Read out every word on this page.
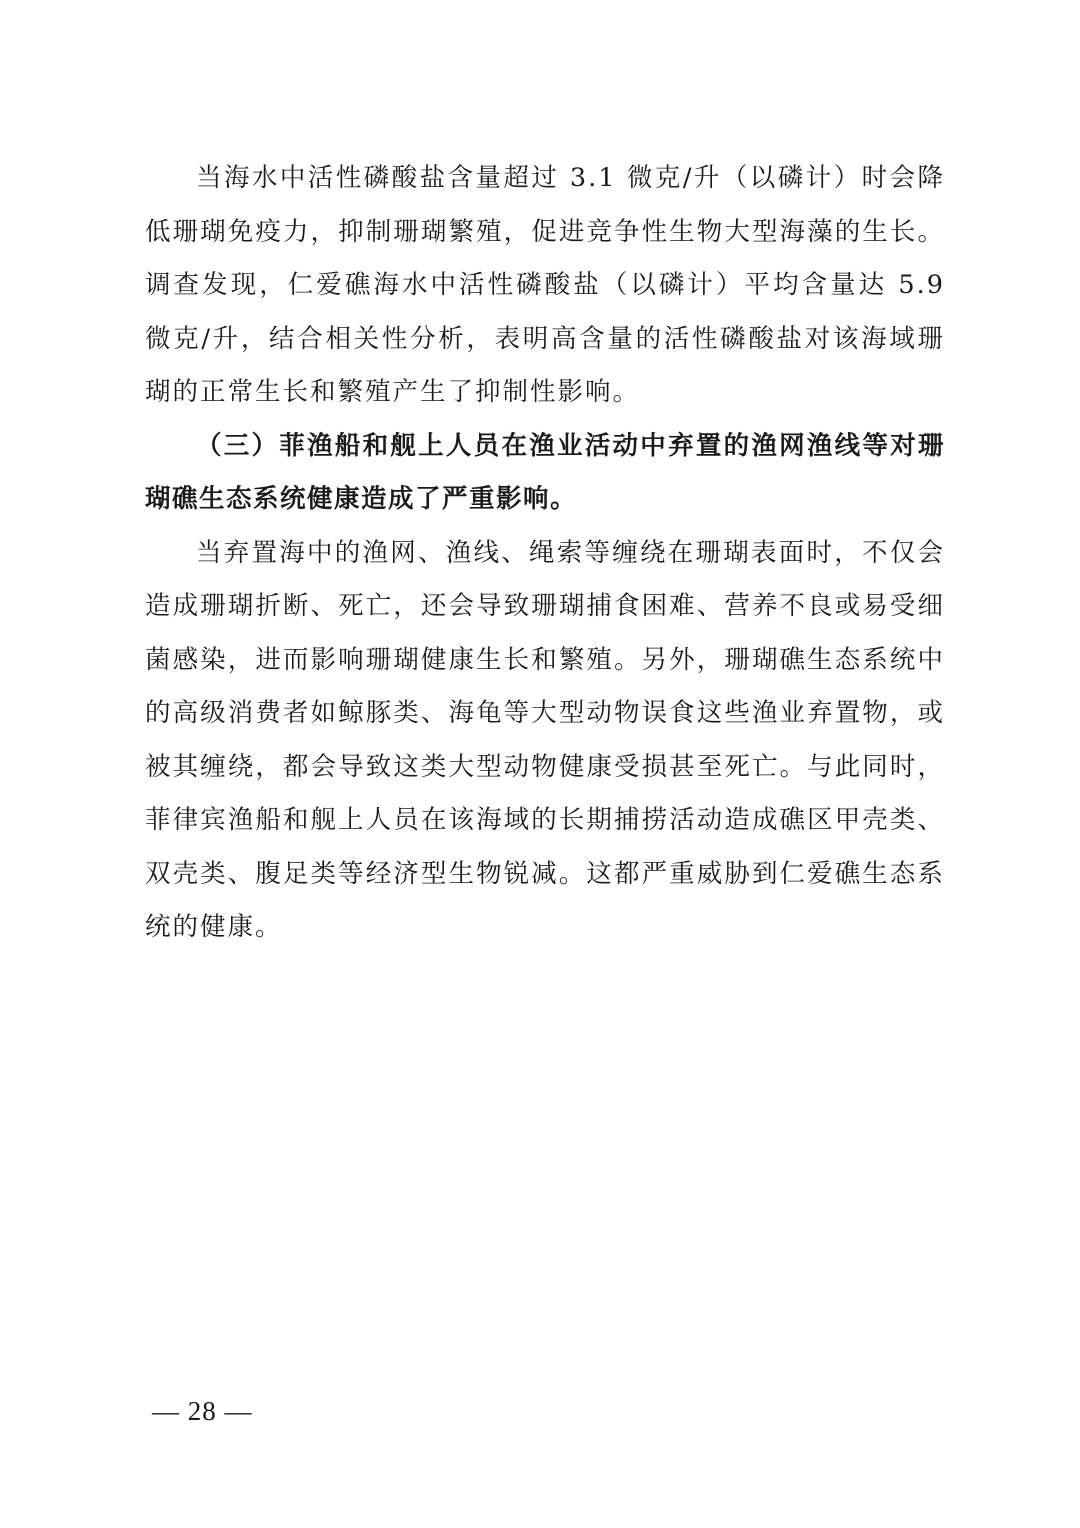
当海水中活性磷酸盐含量超过 3.1 微克/升（以磷计）时会降低珊瑚免疫力，抑制珊瑚繁殖，促进竞争性生物大型海藻的生长。调查发现，仁爱礁海水中活性磷酸盐（以磷计）平均含量达 5.9 微克/升，结合相关性分析，表明高含量的活性磷酸盐对该海域珊瑚的正常生长和繁殖产生了抑制性影响。

（三）菲渔船和舰上人员在渔业活动中弃置的渔网渔线等对珊瑚礁生态系统健康造成了严重影响。

当弃置海中的渔网、渔线、绳索等缠绕在珊瑚表面时，不仅会造成珊瑚折断、死亡，还会导致珊瑚捕食困难、营养不良或易受细菌感染，进而影响珊瑚健康生长和繁殖。另外，珊瑚礁生态系统中的高级消费者如鲸豚类、海龟等大型动物误食这些渔业弃置物，或被其缠绕，都会导致这类大型动物健康受损甚至死亡。与此同时，菲律宾渔船和舰上人员在该海域的长期捕捞活动造成礁区甲壳类、双壳类、腹足类等经济型生物锐减。这都严重威胁到仁爱礁生态系统的健康。

— 28 —
